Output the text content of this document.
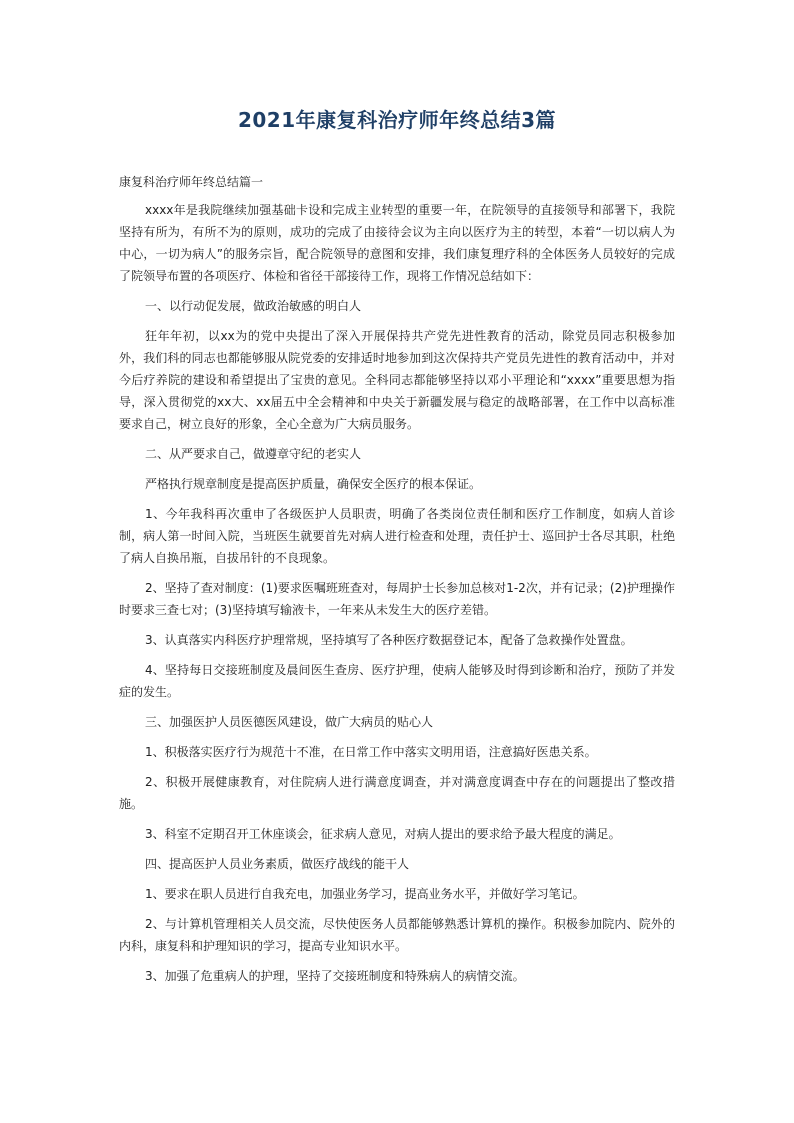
2021年康复科治疗师年终总结3篇

康复科治疗师年终总结篇一

xxxx年是我院继续加强基础卡设和完成主业转型的重要一年，在院领导的直接领导和部署下，我院坚持有所为，有所不为的原则，成功的完成了由接待会议为主向以医疗为主的转型，本着“一切以病人为中心，一切为病人”的服务宗旨，配合院领导的意图和安排，我们康复理疗科的全体医务人员较好的完成了院领导布置的各项医疗、体检和省径干部接待工作，现将工作情况总结如下：

一、以行动促发展，做政治敏感的明白人

狂年年初，以xx为的党中央提出了深入开展保持共产党先进性教育的活动，除党员同志积极参加外，我们科的同志也都能够服从院党委的安排适时地参加到这次保持共产党员先进性的教育活动中，并对今后疗养院的建设和希望提出了宝贵的意见。全科同志都能够坚持以邓小平理论和“xxxx”重要思想为指导，深入贯彻党的xx大、xx届五中全会精神和中央关于新疆发展与稳定的战略部署，在工作中以高标准要求自己，树立良好的形象，全心全意为广大病员服务。

二、从严要求自己，做遵章守纪的老实人

严格执行规章制度是提高医护质量，确保安全医疗的根本保证。

1、今年我科再次重申了各级医护人员职责，明确了各类岗位责任制和医疗工作制度，如病人首诊制，病人第一时间入院，当班医生就要首先对病人进行检查和处理，责任护士、巡回护士各尽其职，杜绝了病人自换吊瓶，自拔吊针的不良现象。

2、坚持了查对制度：(1)要求医嘱班班查对，每周护士长参加总核对1-2次，并有记录；(2)护理操作时要求三查七对；(3)坚持填写输液卡，一年来从未发生大的医疗差错。

3、认真落实内科医疗护理常规，坚持填写了各种医疗数据登记本，配备了急救操作处置盘。

4、坚持每日交接班制度及晨间医生查房、医疗护理，使病人能够及时得到诊断和治疗，预防了并发症的发生。

三、加强医护人员医德医风建设，做广大病员的贴心人

1、积极落实医疗行为规范十不准，在日常工作中落实文明用语，注意搞好医患关系。

2、积极开展健康教育，对住院病人进行满意度调查，并对满意度调查中存在的问题提出了整改措施。

3、科室不定期召开工休座谈会，征求病人意见，对病人提出的要求给予最大程度的满足。

四、提高医护人员业务素质，做医疗战线的能干人

1、要求在职人员进行自我充电，加强业务学习，提高业务水平，并做好学习笔记。

2、与计算机管理相关人员交流，尽快使医务人员都能够熟悉计算机的操作。积极参加院内、院外的内科，康复科和护理知识的学习，提高专业知识水平。

3、加强了危重病人的护理，坚持了交接班制度和特殊病人的病情交流。
